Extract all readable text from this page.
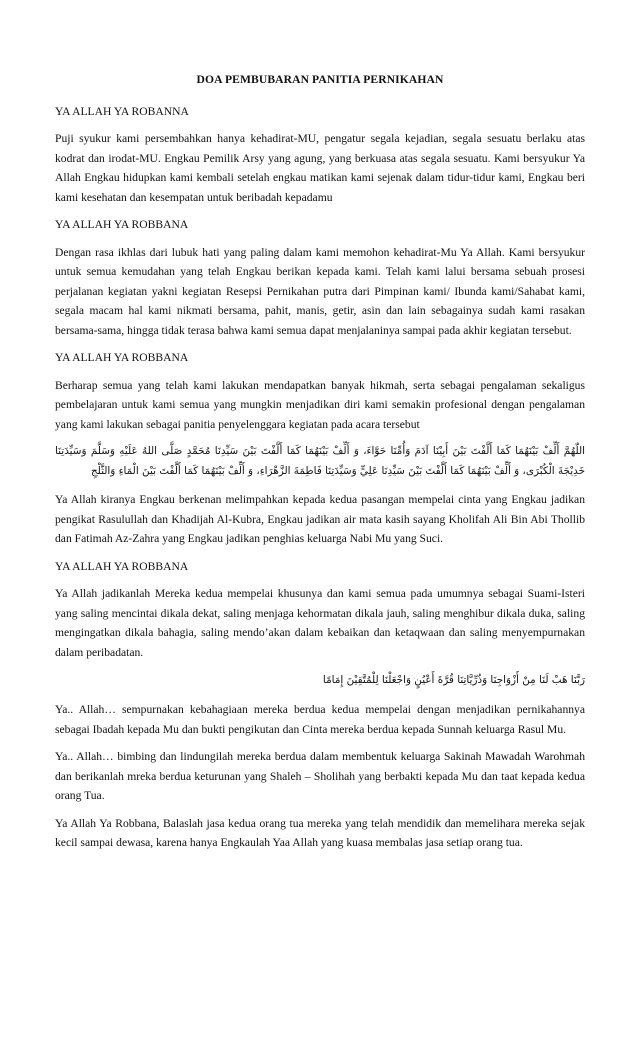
DOA PEMBUBARAN PANITIA PERNIKAHAN
YA ALLAH YA ROBANNA
Puji syukur kami persembahkan hanya kehadirat-MU, pengatur segala kejadian, segala sesuatu berlaku atas kodrat dan irodat-MU. Engkau Pemilik Arsy yang agung, yang berkuasa atas segala sesuatu. Kami bersyukur Ya Allah Engkau hidupkan kami kembali setelah engkau matikan kami sejenak dalam tidur-tidur kami, Engkau beri kami kesehatan dan kesempatan untuk beribadah kepadamu
YA ALLAH YA ROBBANA
Dengan rasa ikhlas dari lubuk hati yang paling dalam kami memohon kehadirat-Mu Ya Allah. Kami bersyukur untuk semua kemudahan yang telah Engkau berikan kepada kami. Telah kami lalui bersama sebuah prosesi perjalanan kegiatan yakni kegiatan Resepsi Pernikahan putra dari Pimpinan kami/ Ibunda kami/Sahabat kami, segala macam hal kami nikmati bersama, pahit, manis, getir, asin dan lain sebagainya sudah kami rasakan bersama-sama, hingga tidak terasa bahwa kami semua dapat menjalaninya sampai pada akhir kegiatan tersebut.
YA ALLAH YA ROBBANA
Berharap semua yang telah kami lakukan mendapatkan banyak hikmah, serta sebagai pengalaman sekaligus pembelajaran untuk kami semua yang mungkin menjadikan diri kami semakin profesional dengan pengalaman yang kami lakukan sebagai panitia penyelenggara kegiatan pada acara tersebut
اللّٰهُمَّ أَلِّفْ بَيْنَهُمَا كَمَا أَلَّفْتَ بَيْنَ أَبِيْنَا آدَمَ وَأُمِّنَا حَوَّاءَ، وَ أَلِّفْ بَيْنَهُمَا كَمَا أَلَّفْتَ بَيْنَ سَيِّدِنَا مُحَمَّدٍ صَلَّى اللهُ عَلَيْهِ وَسَلَّمَ وَسَيِّدَتِنَا خَدِيْجَةَ الْكُبْرَى، وَ أَلِّفْ بَيْنَهُمَا كَمَا أَلَّفْتَ بَيْنَ سَيِّدِنَا عَلِيٍّ وَسَيِّدَتِنَا فَاطِمَةَ الزَّهْرَاءِ، وَ أَلِّفْ بَيْنَهُمَا كَمَا أَلَّفْتَ بَيْنَ الْمَاءِ وَالثَّلْجِ
Ya Allah kiranya Engkau berkenan melimpahkan kepada kedua pasangan mempelai cinta yang Engkau jadikan pengikat Rasulullah dan Khadijah Al-Kubra, Engkau jadikan air mata kasih sayang Kholifah Ali Bin Abi Thollib dan Fatimah Az-Zahra yang Engkau jadikan penghias keluarga Nabi Mu yang Suci.
YA ALLAH YA ROBBANA
Ya Allah jadikanlah Mereka kedua mempelai khusunya dan kami semua pada umumnya sebagai Suami-Isteri yang saling mencintai dikala dekat, saling menjaga kehormatan dikala jauh, saling menghibur dikala duka, saling mengingatkan dikala bahagia, saling mendo’akan dalam kebaikan dan ketaqwaan dan saling menyempurnakan dalam peribadatan.
رَبَّنَا هَبْ لَنَا مِنْ أَزْوَاجِنَا وَذُرِّيَّاتِنَا قُرَّةَ أَعْيُنٍ وَاجْعَلْنَا لِلْمُتَّقِيْنَ إِمَامًا
Ya.. Allah… sempurnakan kebahagiaan mereka berdua kedua mempelai dengan menjadikan pernikahannya sebagai Ibadah kepada Mu dan bukti pengikutan dan Cinta mereka berdua kepada Sunnah keluarga Rasul Mu.
Ya.. Allah… bimbing dan lindungilah mereka berdua dalam membentuk keluarga Sakinah Mawadah Warohmah dan berikanlah mreka berdua keturunan yang Shaleh – Sholihah yang berbakti kepada Mu dan taat kepada kedua orang Tua.
Ya Allah Ya Robbana, Balaslah jasa kedua orang tua mereka yang telah mendidik dan memelihara mereka sejak kecil sampai dewasa, karena hanya Engkaulah Yaa Allah yang kuasa membalas jasa setiap orang tua.
